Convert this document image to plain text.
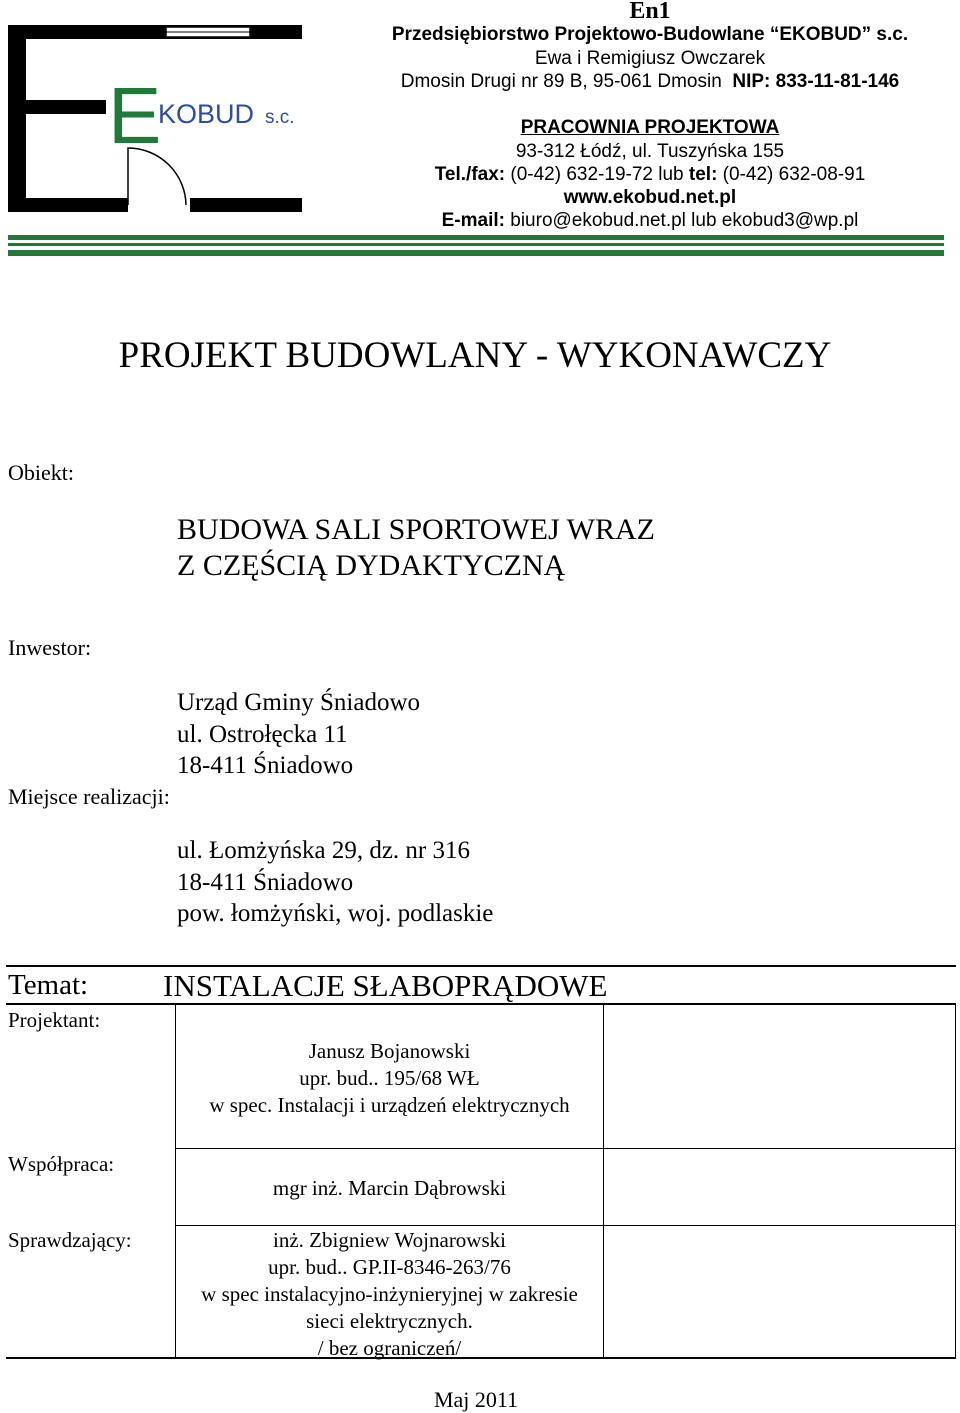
E
KOBUD s.c.
En1
Przedsiębiorstwo Projektowo-Budowlane “EKOBUD” s.c.
Ewa i Remigiusz Owczarek
Dmosin Drugi nr 89 B, 95-061 Dmosin NIP: 833-11-81-146
PRACOWNIA PROJEKTOWA
93-312 Łódź, ul. Tuszyńska 155
Tel./fax: (0-42) 632-19-72 lub tel: (0-42) 632-08-91
www.ekobud.net.pl
E-mail: biuro@ekobud.net.pl lub ekobud3@wp.pl
PROJEKT BUDOWLANY - WYKONAWCZY
Obiekt:
BUDOWA SALI SPORTOWEJ WRAZ
Z CZĘŚCIĄ DYDAKTYCZNĄ
Inwestor:
Urząd Gminy Śniadowo
ul. Ostrołęcka 11
18-411 Śniadowo
Miejsce realizacji:
ul. Łomżyńska 29, dz. nr 316
18-411 Śniadowo
pow. łomżyński, woj. podlaskie
Temat: INSTALACJE SŁABOPRĄDOWE
Projektant:
Janusz Bojanowski
upr. bud.. 195/68 WŁ
w spec. Instalacji i urządzeń elektrycznych
Współpraca:
mgr inż. Marcin Dąbrowski
Sprawdzający:	inż. Zbigniew Wojnarowski
upr. bud.. GP.II-8346-263/76
w spec instalacyjno-inżynieryjnej w zakresie
sieci elektrycznych.
/ bez ograniczeń/
Maj 2011
